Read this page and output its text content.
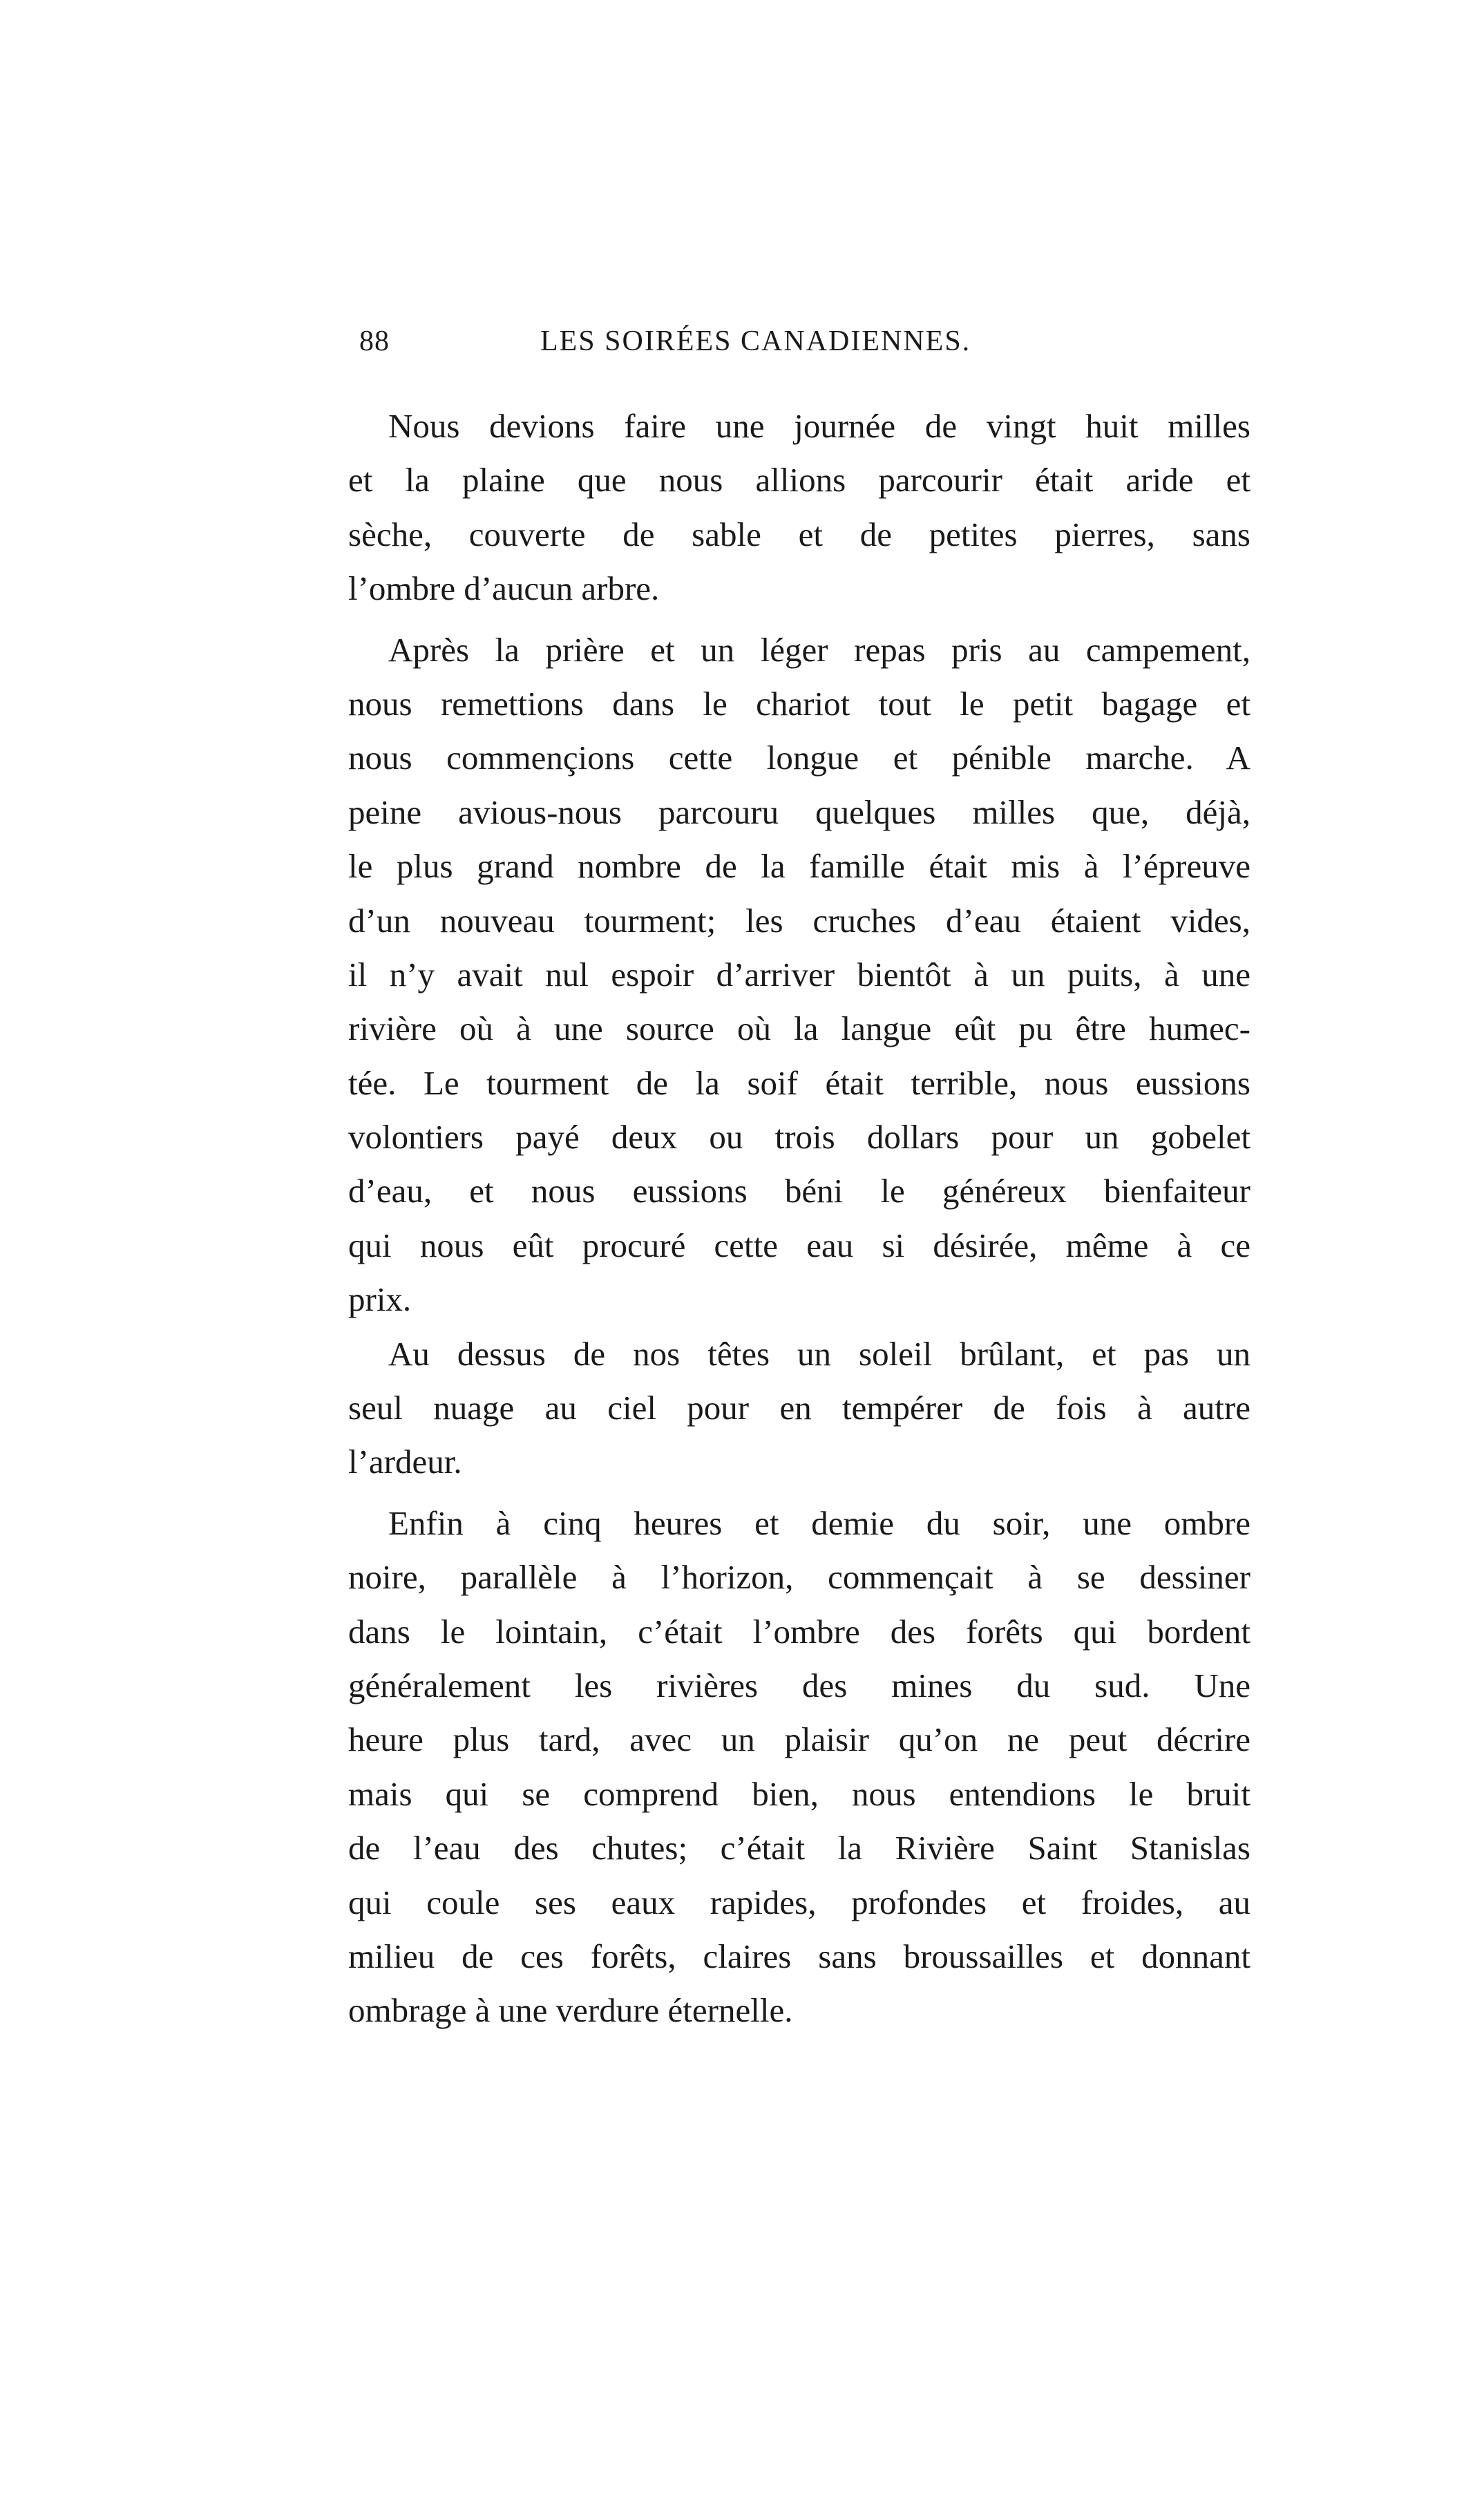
88	LES SOIRÉES CANADIENNES.
Nous devions faire une journée de vingt huit milles
et la plaine que nous allions parcourir était aride et
sèche, couverte de sable et de petites pierres, sans
l’ombre d’aucun arbre.
Après la prière et un léger repas pris au campement,
nous remettions dans le chariot tout le petit bagage et
nous commençions cette longue et pénible marche. A
peine avious-nous parcouru quelques milles que, déjà,
le plus grand nombre de la famille était mis à l’épreuve
d’un nouveau tourment; les cruches d’eau étaient vides,
il n’y avait nul espoir d’arriver bientôt à un puits, à une
rivière où à une source où la langue eût pu être humec-
tée. Le tourment de la soif était terrible, nous eussions
volontiers payé deux ou trois dollars pour un gobelet
d’eau, et nous eussions béni le généreux bienfaiteur
qui nous eût procuré cette eau si désirée, même à ce
prix.
Au dessus de nos têtes un soleil brûlant, et pas un
seul nuage au ciel pour en tempérer de fois à autre
l’ardeur.
Enfin à cinq heures et demie du soir, une ombre
noire, parallèle à l’horizon, commençait à se dessiner
dans le lointain, c’était l’ombre des forêts qui bordent
généralement les rivières des mines du sud. Une
heure plus tard, avec un plaisir qu’on ne peut décrire
mais qui se comprend bien, nous entendions le bruit
de l’eau des chutes; c’était la Rivière Saint Stanislas
qui coule ses eaux rapides, profondes et froides, au
milieu de ces forêts, claires sans broussailles et donnant
ombrage à une verdure éternelle.
